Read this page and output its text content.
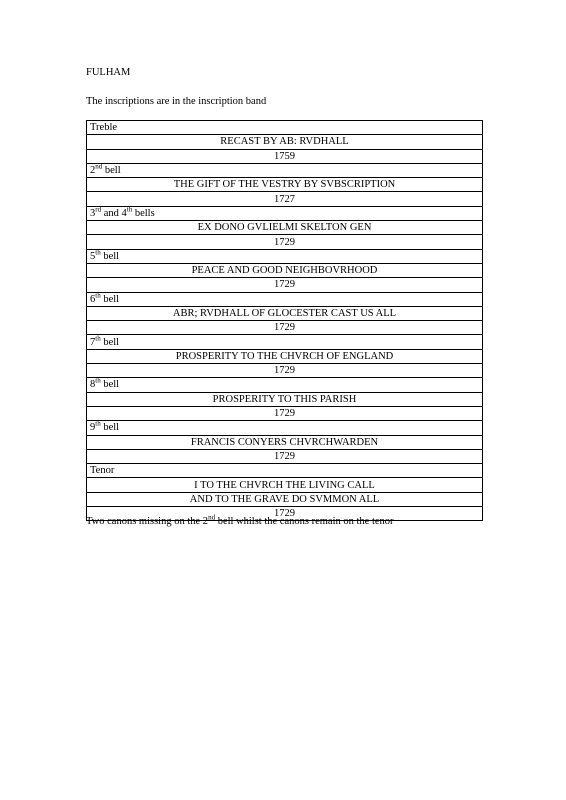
FULHAM
The inscriptions are in the inscription band
Treble
RECAST BY AB: RVDHALL
1759
2nd bell
THE GIFT OF THE VESTRY BY SVBSCRIPTION
1727
3rd and 4th bells
EX DONO GVLIELMI SKELTON GEN
1729
5th bell
PEACE AND GOOD NEIGHBOVRHOOD
1729
6th bell
ABR; RVDHALL OF GLOCESTER CAST US ALL
1729
7th bell
PROSPERITY TO THE CHVRCH OF ENGLAND
1729
8th bell
PROSPERITY TO THIS PARISH
1729
9th bell
FRANCIS CONYERS CHVRCHWARDEN
1729
Tenor
I TO THE CHVRCH THE LIVING CALL
AND TO THE GRAVE DO SVMMON ALL
1729
Two canons missing on the 2nd bell whilst the canons remain on the tenor
